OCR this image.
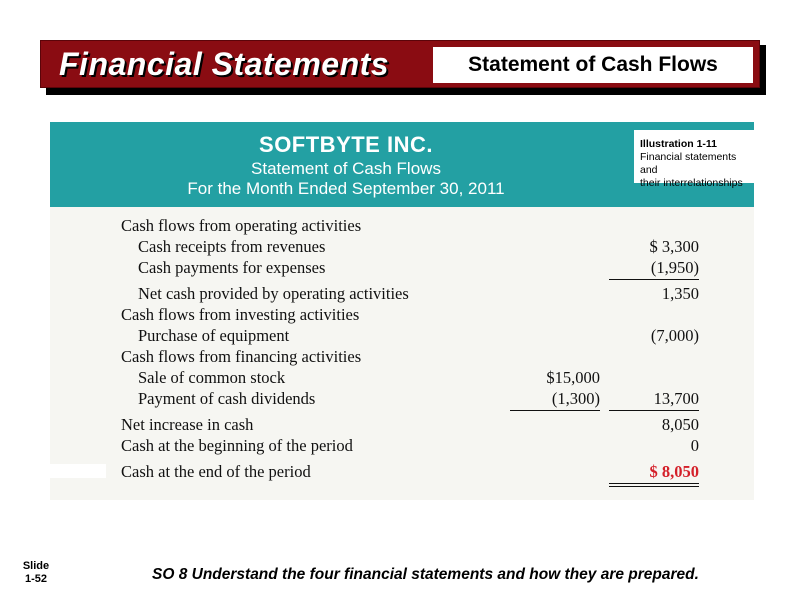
Financial Statements	Statement of Cash Flows
SOFTBYTE INC.
Statement of Cash Flows
For the Month Ended September 30, 2011
Illustration 1-11
Financial statements and
their interrelationships
Cash flows from operating activities
Cash receipts from revenues	$ 3,300
Cash payments for expenses	(1,950)
Net cash provided by operating activities	1,350
Cash flows from investing activities
Purchase of equipment	(7,000)
Cash flows from financing activities
Sale of common stock	$15,000
Payment of cash dividends	(1,300)	13,700
Net increase in cash	8,050
Cash at the beginning of the period	0
Cash at the end of the period	$ 8,050
Slide
1-52	SO 8 Understand the four financial statements and how they are prepared.
